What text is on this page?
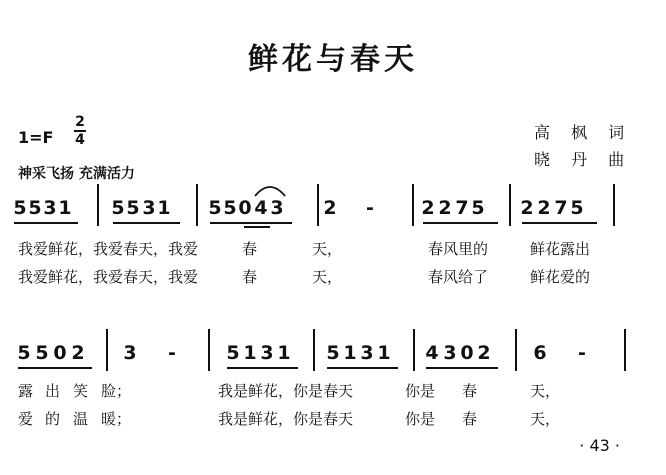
鲜花与春天
1=F
2
4	高 枫 词
晓 丹 曲
神采飞扬 充满活力
5 5 3 1 5 5 3 1 5 5 0 4 3 2 - 2 2 7 5 2 2 7 5
我爱鲜花，我爱春天，我爱	春	天，	春风里的	鲜花露出
我爱鲜花，我爱春天，我爱	春	天，	春风给了	鲜花爱的
5 5 0 2 3 -	5 1 3 1 5 1 3 1 4 3 0 2 6 -
露 出 笑 脸；	我是鲜花，你是春天	你是 春	天，
爱 的 温 暖；	我是鲜花，你是春天	你是 春	天，
· 43 ·
